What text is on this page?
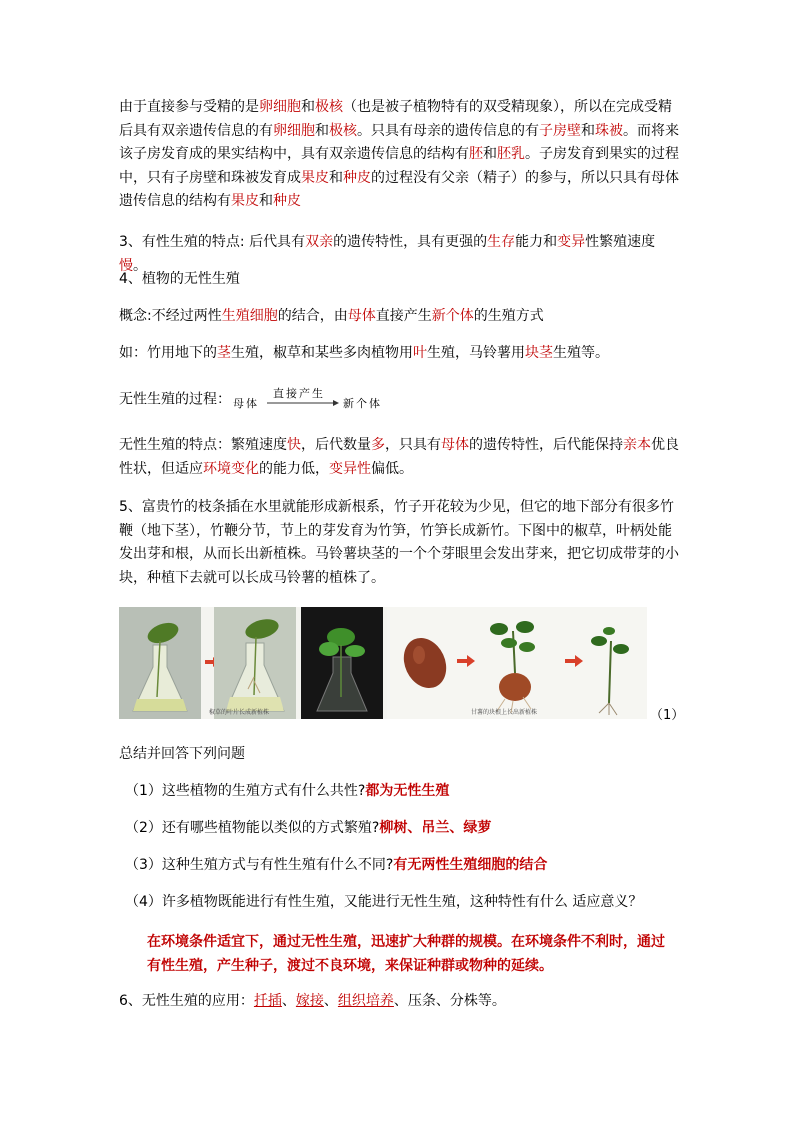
由于直接参与受精的是卵细胞和极核（也是被子植物特有的双受精现象），所以在完成受精后具有双亲遗传信息的有卵细胞和极核。只具有母亲的遗传信息的有子房壁和珠被。而将来该子房发育成的果实结构中，具有双亲遗传信息的结构有胚和胚乳。子房发育到果实的过程中，只有子房壁和珠被发育成果皮和种皮的过程没有父亲（精子）的参与，所以只具有母体遗传信息的结构有果皮和种皮
3、有性生殖的特点: 后代具有双亲的遗传特性，具有更强的生存能力和变异性繁殖速度慢。
4、植物的无性生殖
概念:不经过两性生殖细胞的结合，由母体直接产生新个体的生殖方式
如：竹用地下的茎生殖，椒草和某些多肉植物用叶生殖，马铃薯用块茎生殖等。
无性生殖的过程： 母体
直接产生
新个体
无性生殖的特点：繁殖速度快，后代数量多，只具有母体的遗传特性，后代能保持亲本优良性状，但适应环境变化的能力低，变异性偏低。
5、富贵竹的枝条插在水里就能形成新根系，竹子开花较为少见，但它的地下部分有很多竹鞭（地下茎），竹鞭分节，节上的芽发育为竹笋，竹笋长成新竹。下图中的椒草，叶柄处能发出芽和根，从而长出新植株。马铃薯块茎的一个个芽眼里会发出芽来，把它切成带芽的小块，种植下去就可以长成马铃薯的植株了。
椒草的叶片长成新植株	甘薯的块根上长出新植株	（1）
总结并回答下列问题
（1）这些植物的生殖方式有什么共性?都为无性生殖
（2）还有哪些植物能以类似的方式繁殖?柳树、吊兰、绿萝
（3）这种生殖方式与有性生殖有什么不同?有无两性生殖细胞的结合
（4）许多植物既能进行有性生殖，又能进行无性生殖，这种特性有什么 适应意义？
在环境条件适宜下，通过无性生殖，迅速扩大种群的规模。在环境条件不利时，通过有性生殖，产生种子，渡过不良环境，来保证种群或物种的延续。
6、无性生殖的应用：扦插、嫁接、组织培养、压条、分株等。
